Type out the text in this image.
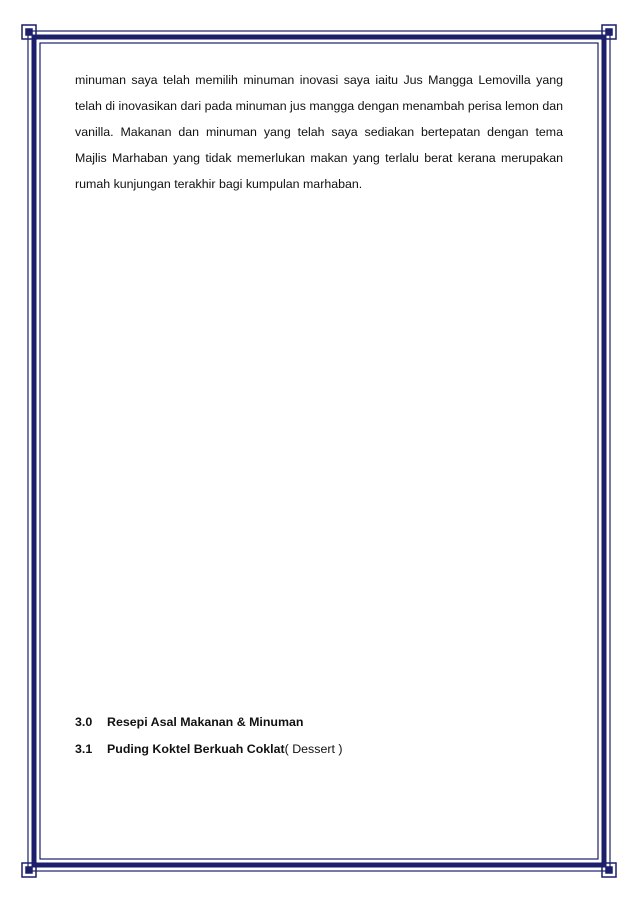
minuman saya telah memilih minuman inovasi saya iaitu Jus Mangga Lemovilla yang telah di inovasikan dari pada minuman jus mangga dengan menambah perisa lemon dan vanilla. Makanan dan minuman yang telah saya sediakan bertepatan dengan tema Majlis Marhaban yang tidak memerlukan makan yang terlalu berat kerana merupakan rumah kunjungan terakhir bagi kumpulan marhaban.

3.0 Resepi Asal Makanan & Minuman
3.1 Puding Koktel Berkuah Coklat( Dessert )
